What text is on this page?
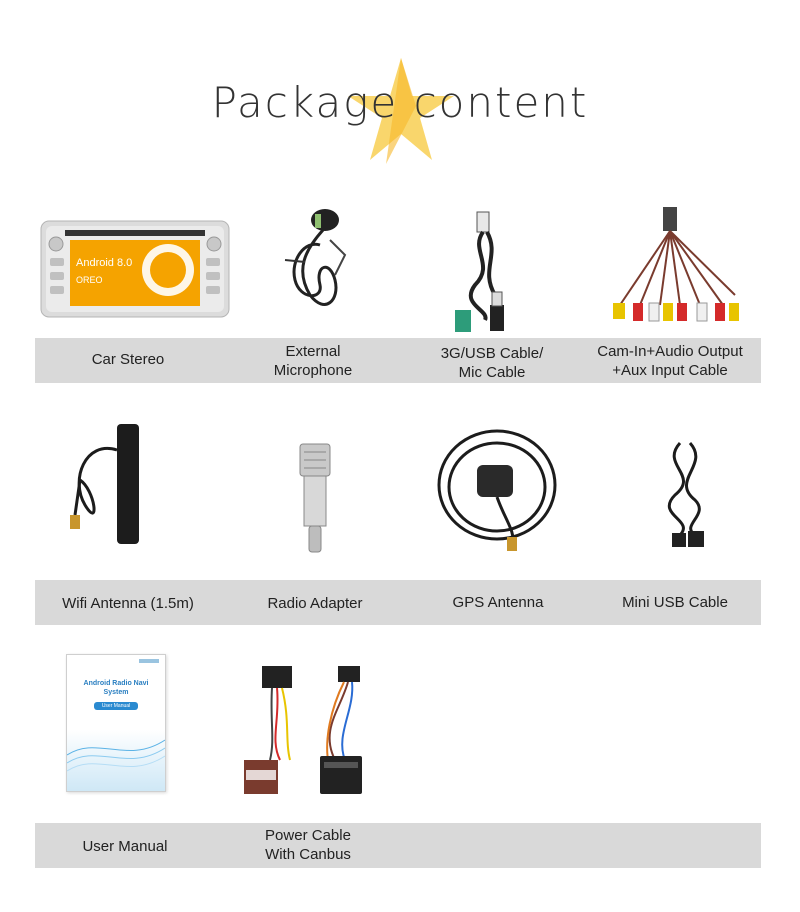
Package content
Android 8.0
OREO
Car Stereo	External
Microphone
3G/USB Cable/
Mic Cable
Cam-In+Audio Output
+Aux Input Cable
Wifi Antenna (1.5m)	Radio Adapter	GPS Antenna	Mini USB Cable
Android Radio Navi
System
User Manual
User Manual
Power Cable
With Canbus
